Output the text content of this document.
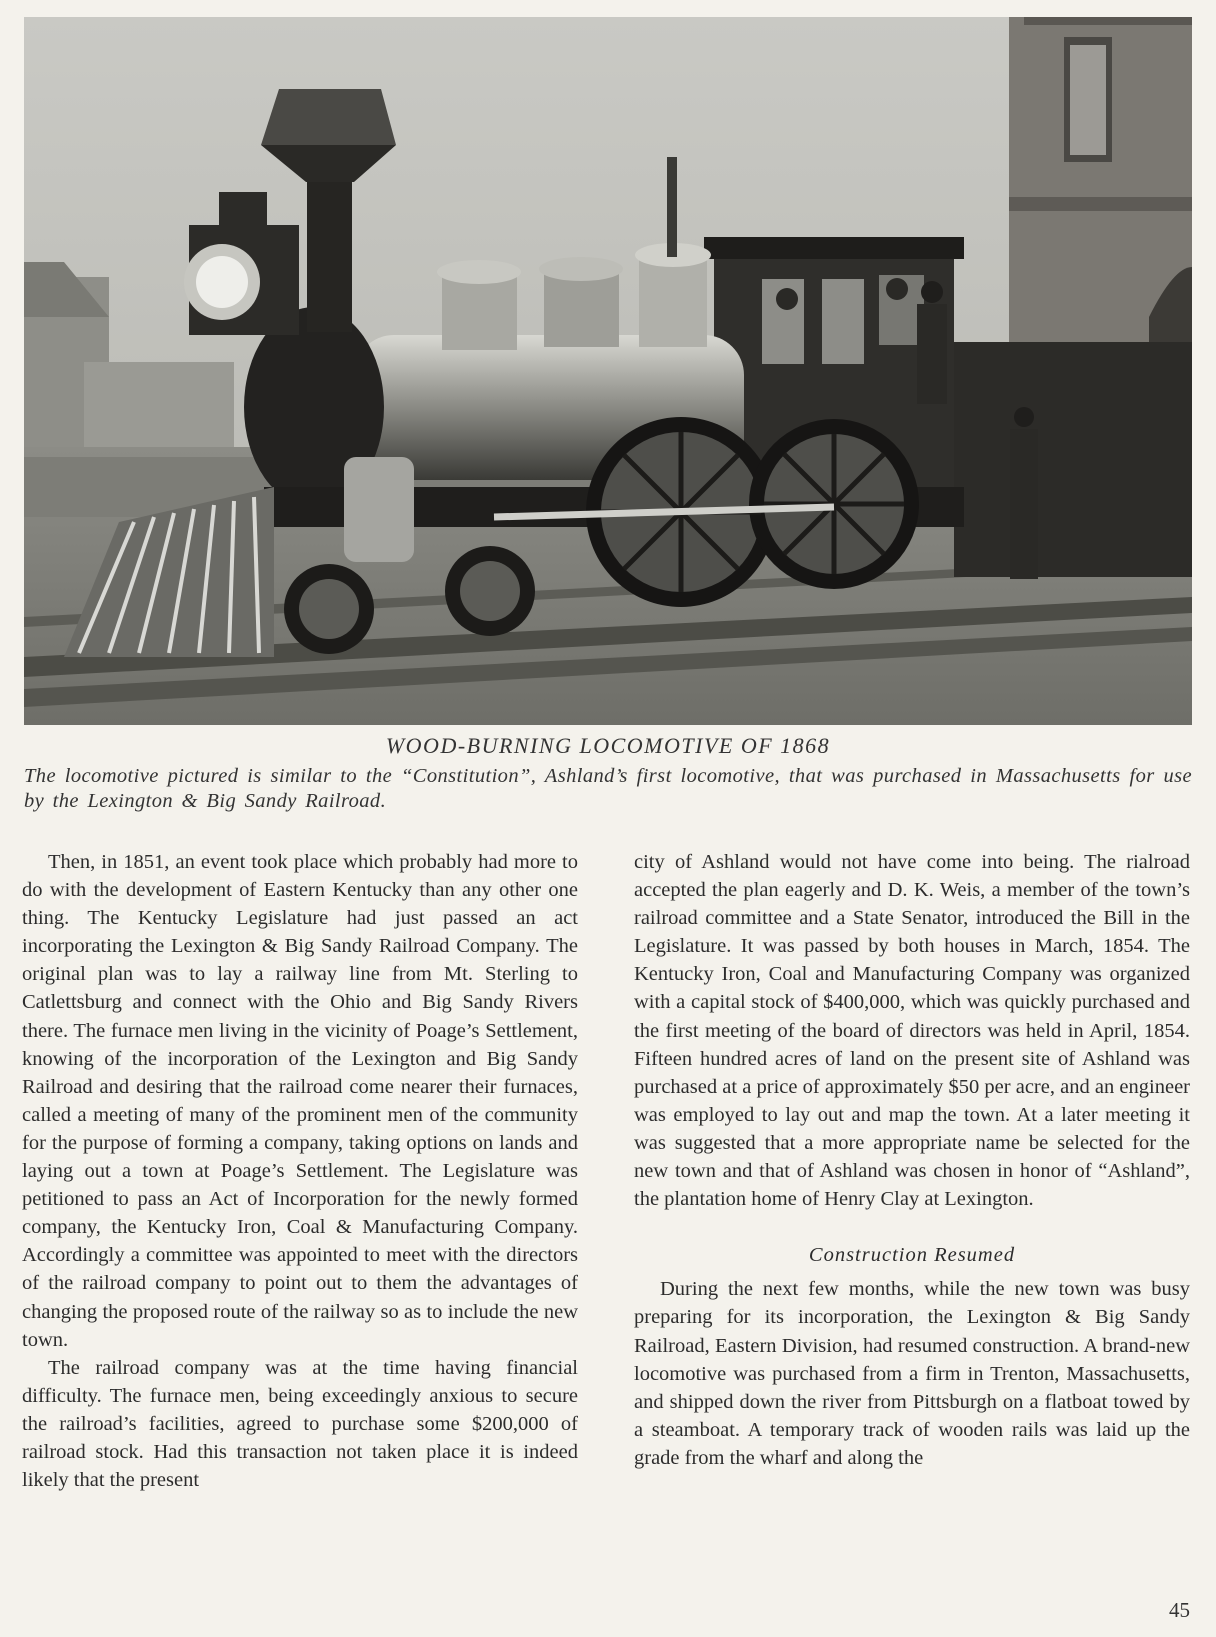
WOOD-BURNING LOCOMOTIVE OF 1868
The locomotive pictured is similar to the “Constitution”, Ashland’s first locomotive, that was purchased in Massachusetts for use by the Lexington & Big Sandy Railroad.

Then, in 1851, an event took place which probably had more to do with the development of Eastern Kentucky than any other one thing. The Kentucky Legislature had just passed an act incorporating the Lexington & Big Sandy Railroad Company. The original plan was to lay a railway line from Mt. Sterling to Catlettsburg and connect with the Ohio and Big Sandy Rivers there. The furnace men living in the vicinity of Poage’s Settlement, knowing of the incorporation of the Lexington and Big Sandy Railroad and desiring that the railroad come nearer their furnaces, called a meeting of many of the prominent men of the community for the purpose of forming a company, taking options on lands and laying out a town at Poage’s Settlement. The Legislature was petitioned to pass an Act of Incorporation for the newly formed company, the Kentucky Iron, Coal & Manufacturing Company. Accordingly a committee was appointed to meet with the directors of the railroad company to point out to them the advantages of changing the proposed route of the railway so as to include the new town.

The railroad company was at the time having financial difficulty. The furnace men, being exceedingly anxious to secure the railroad’s facilities, agreed to purchase some $200,000 of railroad stock. Had this transaction not taken place it is indeed likely that the present

city of Ashland would not have come into being. The rialroad accepted the plan eagerly and D. K. Weis, a member of the town’s railroad committee and a State Senator, introduced the Bill in the Legislature. It was passed by both houses in March, 1854. The Kentucky Iron, Coal and Manufacturing Company was organized with a capital stock of $400,000, which was quickly purchased and the first meeting of the board of directors was held in April, 1854. Fifteen hundred acres of land on the present site of Ashland was purchased at a price of approximately $50 per acre, and an engineer was employed to lay out and map the town. At a later meeting it was suggested that a more appropriate name be selected for the new town and that of Ashland was chosen in honor of “Ashland”, the plantation home of Henry Clay at Lexington.

Construction Resumed

During the next few months, while the new town was busy preparing for its incorporation, the Lexington & Big Sandy Railroad, Eastern Division, had resumed construction. A brand-new locomotive was purchased from a firm in Trenton, Massachusetts, and shipped down the river from Pittsburgh on a flatboat towed by a steamboat. A temporary track of wooden rails was laid up the grade from the wharf and along the

45
